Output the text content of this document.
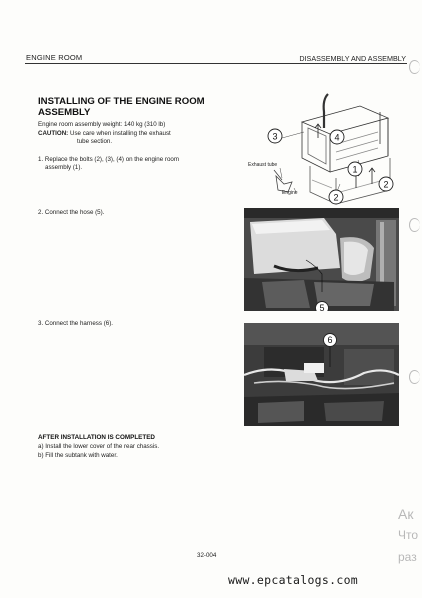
ENGINE ROOM	DISASSEMBLY AND ASSEMBLY
INSTALLING OF THE ENGINE ROOM
ASSEMBLY
Engine room assembly weight: 140 kg (310 lb)
CAUTION: Use care when installing the exhaust
tube section.
1. Replace the bolts (2), (3), (4) on the engine room
assembly (1).
2. Connect the hose (5).
3. Connect the harness (6).
AFTER INSTALLATION IS COMPLETED
a) Install the lower cover of the rear chassis.
b) Fill the subtank with water.
3	4
1
2
2
Exhaust tube
Engine
5
6
32-004
www.epcatalogs.com
Ак
Что
раз
